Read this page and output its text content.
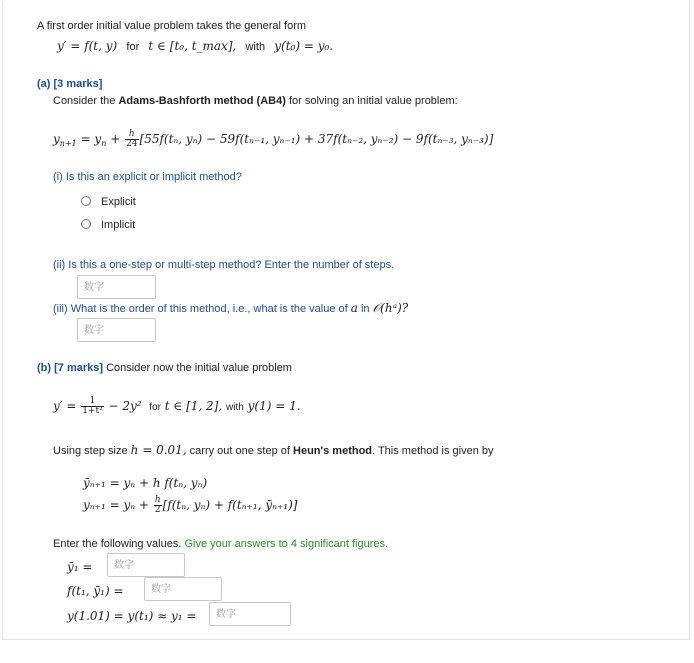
A first order initial value problem takes the general form
y′ = f(t, y) for t ∈ [t₀, t_max], with y(t₀) = y₀.
(a) [3 marks]
Consider the Adams-Bashforth method (AB4) for solving an initial value problem:
$y_{n+1} = y_n + \frac{h}{24} [55f(t_n$, yₙ) − 59f(tₙ₋₁, yₙ₋₁) + 37f(tₙ₋₂, yₙ₋₂) − 9f(tₙ₋₃, yₙ₋₃)]
(i) Is this an explicit or implicit method?
Explicit
Implicit
(ii) Is this a one-step or multi-step method? Enter the number of steps.
数字
(iii) What is the order of this method, i.e., what is the value of a in 𝒪(hᵃ)?
数字
(b) [7 marks] Consider now the initial value problem
$y' = \frac{1}{\text{1+t²}} - 2y^2$ for t ∈ [1, 2], with y(1) = 1.
Using step size h = 0.01, carry out one step of Heun's method. This method is given by
ȳₙ₊₁ = yₙ + h f(tₙ, yₙ)
$y_{n+1} = y_n + \frac{h}{2} [f(t_n$, yₙ) + f(tₙ₊₁, ȳₙ₊₁)]
Enter the following values. Give your answers to 4 significant figures.
ȳ₁ =
数字
f(t₁, ȳ₁) =
数字
y(1.01) = y(t₁) ≈ y₁ =
数字
